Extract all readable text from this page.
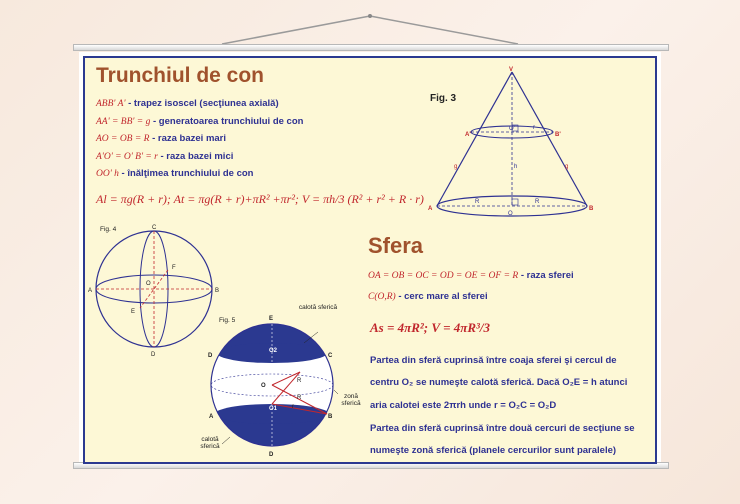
Trunchiul de con
ABB' A' - trapez isoscel (secţiunea axială)
AA' = BB' = g - generatoarea trunchiului de con
AO = OB = R - raza bazei mari
A'O' = O' B' = r - raza bazei mici
OO' h - înălţimea trunchiului de con
Al = πg(R + r); At = πg(R + r)+πR² +πr²; V = πh/3 (R² + r² + R · r)
Fig. 3
V
A'	B'
O'	r
h
g	g
A	B
O
R	R
Fig. 4	C
F
O
A	B
E
D
Fig. 5	E
D	C
O2
O
R
R
r
O1
A	B
D
calotă sferică
zonă sferică
calotă sferică
Sfera
OA = OB = OC = OD = OE = OF = R - raza sferei
C(O,R) - cerc mare al sferei
As = 4πR²; V = 4πR³/3
Partea din sferă cuprinsă între coaja sferei şi cercul de
centru O₂ se numeşte calotă sferică. Dacă O₂E = h atunci
aria calotei este 2πrh unde r = O₂C = O₂D
Partea din sferă cuprinsă între două cercuri de secţiune se
numeşte zonă sferică (planele cercurilor sunt paralele)
